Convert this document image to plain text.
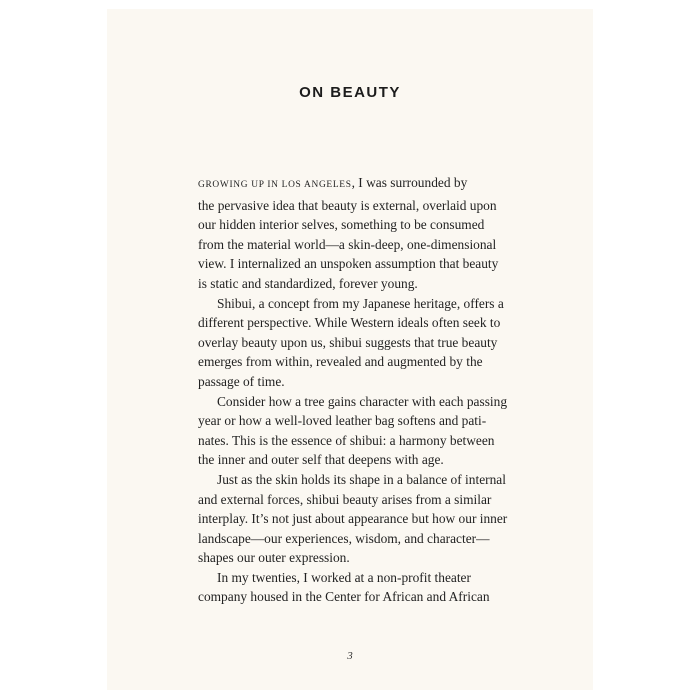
ON BEAUTY
GROWING UP IN LOS ANGELES, I was surrounded by
the pervasive idea that beauty is external, overlaid upon
our hidden interior selves, something to be consumed
from the material world—a skin-deep, one-dimensional
view. I internalized an unspoken assumption that beauty
is static and standardized, forever young.
Shibui, a concept from my Japanese heritage, offers a
different perspective. While Western ideals often seek to
overlay beauty upon us, shibui suggests that true beauty
emerges from within, revealed and augmented by the
passage of time.
Consider how a tree gains character with each passing
year or how a well-loved leather bag softens and pati-
nates. This is the essence of shibui: a harmony between
the inner and outer self that deepens with age.
Just as the skin holds its shape in a balance of internal
and external forces, shibui beauty arises from a similar
interplay. It’s not just about appearance but how our inner
landscape—our experiences, wisdom, and character—
shapes our outer expression.
In my twenties, I worked at a non-profit theater
company housed in the Center for African and African
3
